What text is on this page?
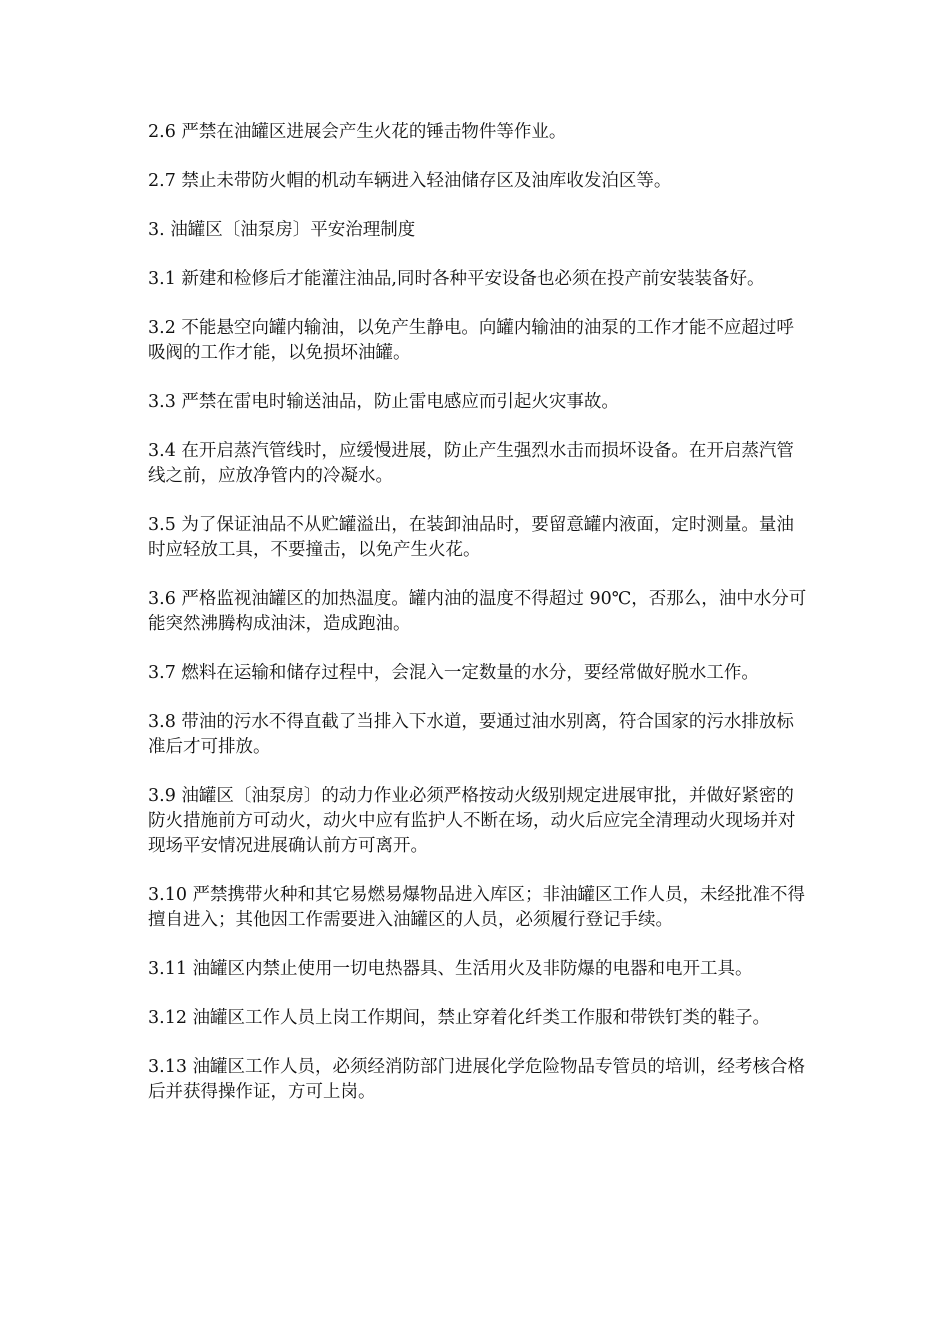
2.6 严禁在油罐区进展会产生火花的锤击物件等作业。

2.7 禁止未带防火帽的机动车辆进入轻油储存区及油库收发泊区等。

3. 油罐区〔油泵房〕平安治理制度

3.1 新建和检修后才能灌注油品,同时各种平安设备也必须在投产前安装装备好。

3.2 不能悬空向罐内输油，以免产生静电。向罐内输油的油泵的工作才能不应超过呼吸阀的工作才能，以免损坏油罐。

3.3 严禁在雷电时输送油品，防止雷电感应而引起火灾事故。

3.4 在开启蒸汽管线时，应缓慢进展，防止产生强烈水击而损坏设备。在开启蒸汽管线之前，应放净管内的冷凝水。

3.5 为了保证油品不从贮罐溢出，在装卸油品时，要留意罐内液面，定时测量。量油时应轻放工具，不要撞击，以免产生火花。

3.6 严格监视油罐区的加热温度。罐内油的温度不得超过 90℃，否那么，油中水分可能突然沸腾构成油沫，造成跑油。

3.7 燃料在运输和储存过程中，会混入一定数量的水分，要经常做好脱水工作。

3.8 带油的污水不得直截了当排入下水道，要通过油水别离，符合国家的污水排放标准后才可排放。

3.9 油罐区〔油泵房〕的动力作业必须严格按动火级别规定进展审批，并做好紧密的防火措施前方可动火，动火中应有监护人不断在场，动火后应完全清理动火现场并对现场平安情况进展确认前方可离开。

3.10 严禁携带火种和其它易燃易爆物品进入库区；非油罐区工作人员，未经批准不得擅自进入；其他因工作需要进入油罐区的人员，必须履行登记手续。

3.11 油罐区内禁止使用一切电热器具、生活用火及非防爆的电器和电开工具。

3.12 油罐区工作人员上岗工作期间，禁止穿着化纤类工作服和带铁钉类的鞋子。

3.13 油罐区工作人员，必须经消防部门进展化学危险物品专管员的培训，经考核合格后并获得操作证，方可上岗。
